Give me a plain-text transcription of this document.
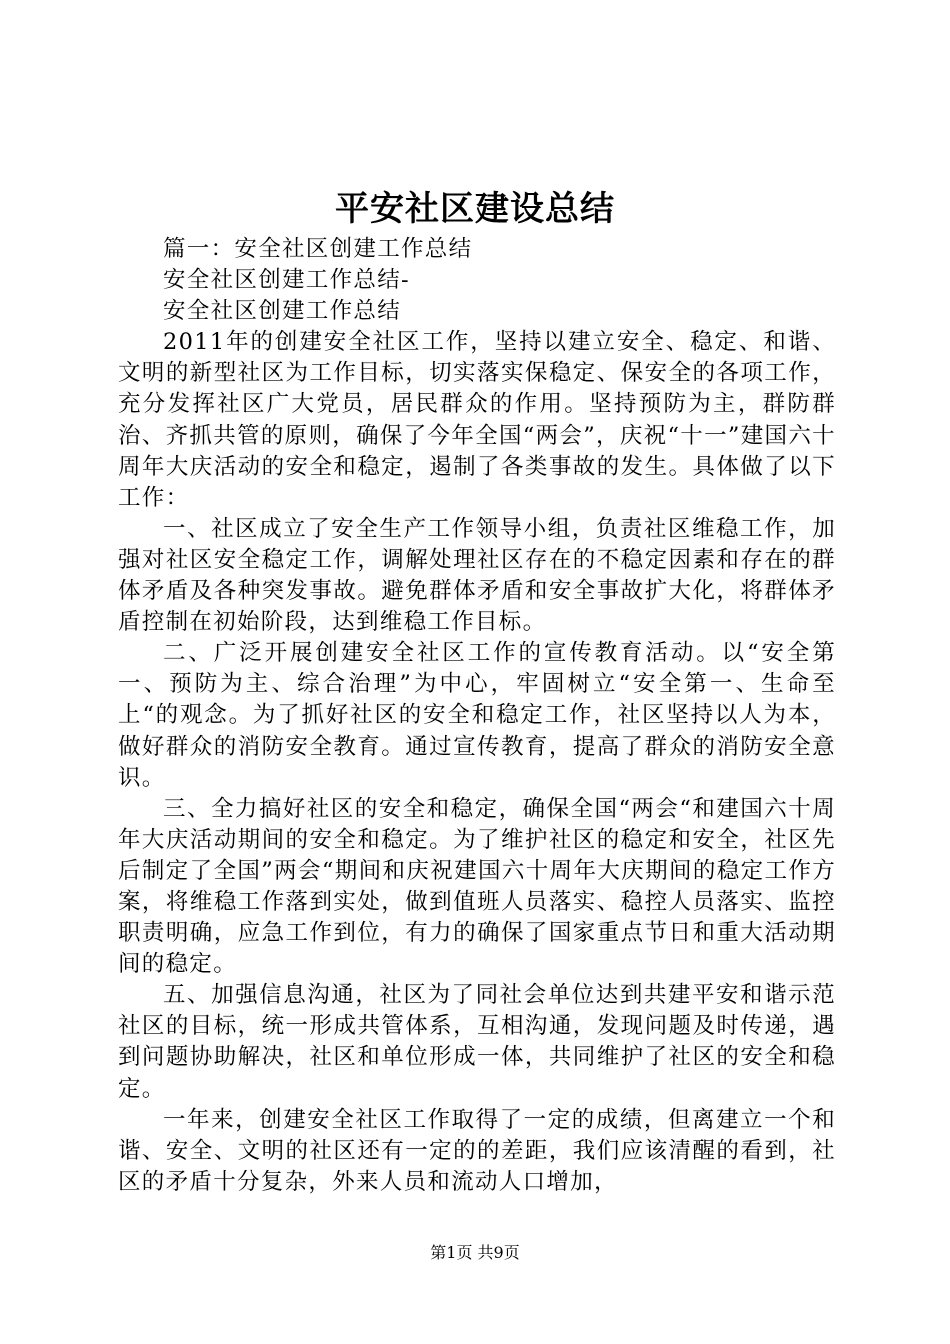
平安社区建设总结

篇一：安全社区创建工作总结

安全社区创建工作总结-

安全社区创建工作总结

2011年的创建安全社区工作，坚持以建立安全、稳定、和谐、文明的新型社区为工作目标，切实落实保稳定、保安全的各项工作，充分发挥社区广大党员，居民群众的作用。坚持预防为主，群防群治、齐抓共管的原则，确保了今年全国“两会”，庆祝“十一”建国六十周年大庆活动的安全和稳定，遏制了各类事故的发生。具体做了以下工作：

一、社区成立了安全生产工作领导小组，负责社区维稳工作，加强对社区安全稳定工作，调解处理社区存在的不稳定因素和存在的群体矛盾及各种突发事故。避免群体矛盾和安全事故扩大化，将群体矛盾控制在初始阶段，达到维稳工作目标。

二、广泛开展创建安全社区工作的宣传教育活动。以“安全第一、预防为主、综合治理”为中心，牢固树立“安全第一、生命至上“的观念。为了抓好社区的安全和稳定工作，社区坚持以人为本，做好群众的消防安全教育。通过宣传教育，提高了群众的消防安全意识。

三、全力搞好社区的安全和稳定，确保全国“两会“和建国六十周年大庆活动期间的安全和稳定。为了维护社区的稳定和安全，社区先后制定了全国”两会“期间和庆祝建国六十周年大庆期间的稳定工作方案，将维稳工作落到实处，做到值班人员落实、稳控人员落实、监控职责明确，应急工作到位，有力的确保了国家重点节日和重大活动期间的稳定。

五、加强信息沟通，社区为了同社会单位达到共建平安和谐示范社区的目标，统一形成共管体系，互相沟通，发现问题及时传递，遇到问题协助解决，社区和单位形成一体，共同维护了社区的安全和稳定。

一年来，创建安全社区工作取得了一定的成绩，但离建立一个和谐、安全、文明的社区还有一定的的差距，我们应该清醒的看到，社区的矛盾十分复杂，外来人员和流动人口增加，

第1页 共9页
